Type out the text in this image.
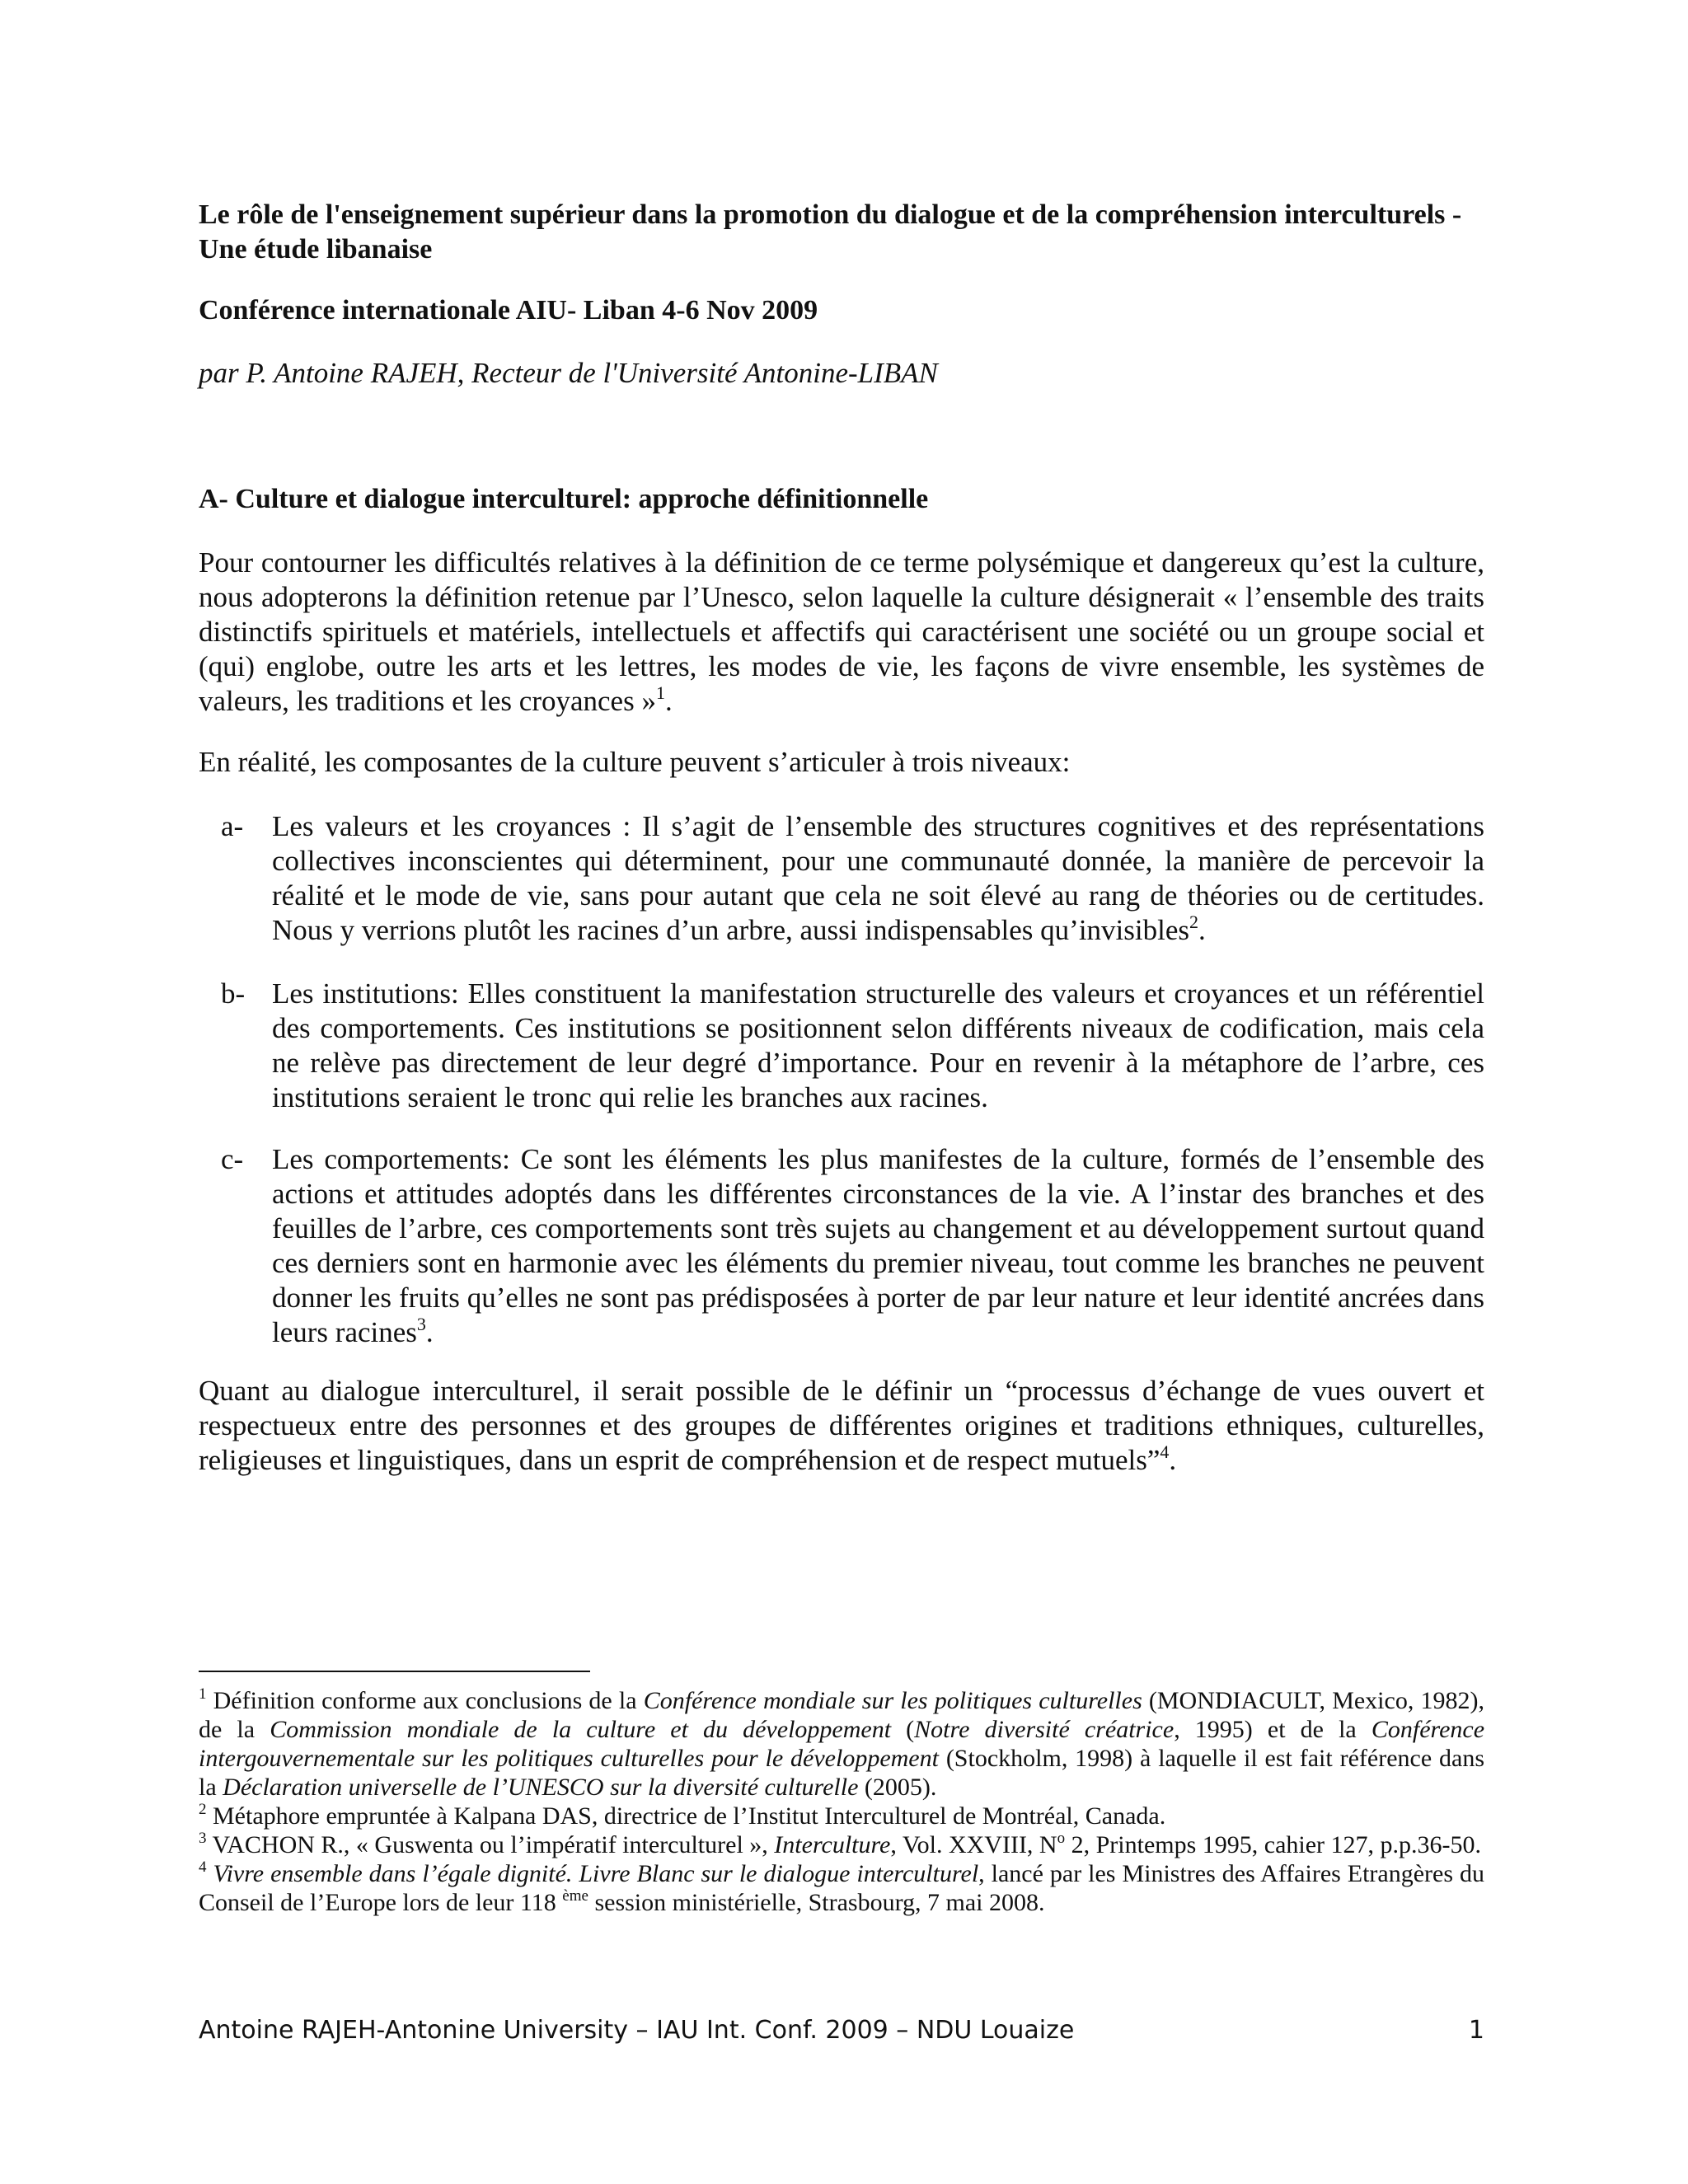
Le rôle de l'enseignement supérieur dans la promotion du dialogue et de la compréhension interculturels - Une étude libanaise
Conférence internationale AIU- Liban 4-6 Nov 2009
par P. Antoine RAJEH, Recteur de l'Université Antonine-LIBAN
A- Culture et dialogue interculturel: approche définitionnelle
Pour contourner les difficultés relatives à la définition de ce terme polysémique et dangereux qu’est la culture, nous adopterons la définition retenue par l’Unesco, selon laquelle la culture désignerait « l’ensemble des traits distinctifs spirituels et matériels, intellectuels et affectifs qui caractérisent une société ou un groupe social et (qui) englobe, outre les arts et les lettres, les modes de vie, les façons de vivre ensemble, les systèmes de valeurs, les traditions et les croyances »$^1$.
En réalité, les composantes de la culture peuvent s’articuler à trois niveaux:
a- Les valeurs et les croyances : Il s’agit de l’ensemble des structures cognitives et des représentations collectives inconscientes qui déterminent, pour une communauté donnée, la manière de percevoir la réalité et le mode de vie, sans pour autant que cela ne soit élevé au rang de théories ou de certitudes. Nous y verrions plutôt les racines d’un arbre, aussi indispensables qu’invisibles$^2$.
b- Les institutions: Elles constituent la manifestation structurelle des valeurs et croyances et un référentiel des comportements. Ces institutions se positionnent selon différents niveaux de codification, mais cela ne relève pas directement de leur degré d’importance. Pour en revenir à la métaphore de l’arbre, ces institutions seraient le tronc qui relie les branches aux racines.
c- Les comportements: Ce sont les éléments les plus manifestes de la culture, formés de l’ensemble des actions et attitudes adoptés dans les différentes circonstances de la vie. A l’instar des branches et des feuilles de l’arbre, ces comportements sont très sujets au changement et au développement surtout quand ces derniers sont en harmonie avec les éléments du premier niveau, tout comme les branches ne peuvent donner les fruits qu’elles ne sont pas prédisposées à porter de par leur nature et leur identité ancrées dans leurs racines$^3$.
Quant au dialogue interculturel, il serait possible de le définir un “processus d’échange de vues ouvert et respectueux entre des personnes et des groupes de différentes origines et traditions ethniques, culturelles, religieuses et linguistiques, dans un esprit de compréhension et de respect mutuels”$^4$.
$^1$ Définition conforme aux conclusions de la Conférence mondiale sur les politiques culturelles (MONDIACULT, Mexico, 1982), de la Commission mondiale de la culture et du développement (Notre diversité créatrice, 1995) et de la Conférence intergouvernementale sur les politiques culturelles pour le développement (Stockholm, 1998) à laquelle il est fait référence dans la Déclaration universelle de l’UNESCO sur la diversité culturelle (2005).
$^2$ Métaphore empruntée à Kalpana DAS, directrice de l’Institut Interculturel de Montréal, Canada.
$^3$ VACHON R., « Guswenta ou l’impératif interculturel », Interculture, Vol. XXVIII, $N^o$ 2, Printemps 1995, cahier 127, p.p.36-50.
$^4$ Vivre ensemble dans l’égale dignité. Livre Blanc sur le dialogue interculturel, lancé par les Ministres des Affaires Etrangères du Conseil de l’Europe lors de leur 118 $^{ème}$ session ministérielle, Strasbourg, 7 mai 2008.
Antoine RAJEH-Antonine University – IAU Int. Conf. 2009 – NDU Louaize	1
